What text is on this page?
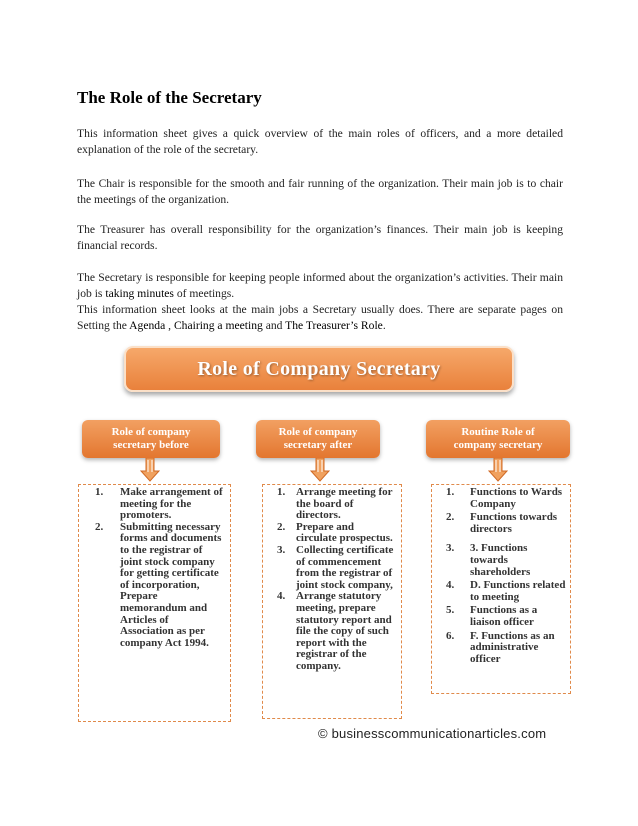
The Role of the Secretary
This information sheet gives a quick overview of the main roles of officers, and a more detailed explanation of the role of the secretary.
The Chair is responsible for the smooth and fair running of the organization. Their main job is to chair the meetings of the organization.
The Treasurer has overall responsibility for the organization’s finances. Their main job is keeping financial records.
The Secretary is responsible for keeping people informed about the organization’s activities. Their main job is taking minutes of meetings.
This information sheet looks at the main jobs a Secretary usually does. There are separate pages on Setting the Agenda , Chairing a meeting and The Treasurer’s Role.
Role of Company Secretary
Role of company
secretary before
Role of company
secretary after
Routine Role of
company secretary
1.	Make arrangement of meeting for the promoters.
2.	Submitting necessary forms and documents to the registrar of joint stock company for getting certificate of incorporation, Prepare memorandum and Articles of Association as per company Act 1994.
1. Arrange meeting for the board of directors.
2. Prepare and circulate prospectus.
3. Collecting certificate of commencement from the registrar of joint stock company,
4. Arrange statutory meeting, prepare statutory report and file the copy of such report with the registrar of the company.
1.	Functions to Wards Company
2.	Functions towards directors
3.	3. Functions towards shareholders
4.	D. Functions related to meeting
5.	Functions as a liaison officer
6.	F. Functions as an administrative officer
© businesscommunicationarticles.com
